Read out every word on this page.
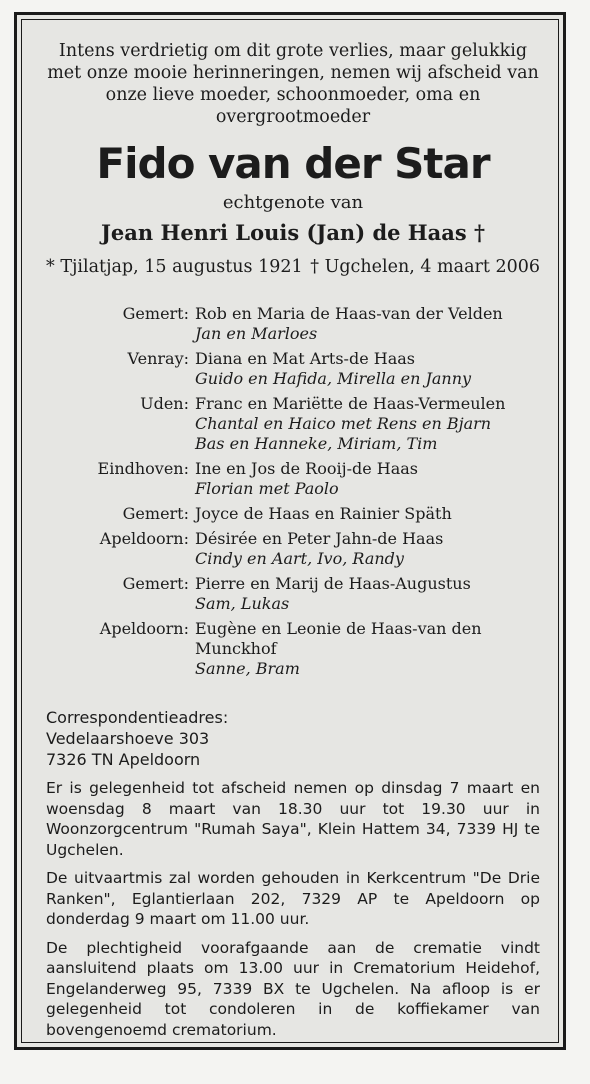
Intens verdrietig om dit grote verlies, maar gelukkig met onze mooie herinneringen, nemen wij afscheid van onze lieve moeder, schoonmoeder, oma en overgrootmoeder

Fido van der Star

echtgenote van

Jean Henri Louis (Jan) de Haas †

* Tjilatjap, 15 augustus 1921 † Ugchelen, 4 maart 2006
Gemert: Rob en Maria de Haas-van der Velden
Jan en Marloes
Venray: Diana en Mat Arts-de Haas
Guido en Hafida, Mirella en Janny
Uden: Franc en Mariëtte de Haas-Vermeulen
Chantal en Haico met Rens en Bjarn
Bas en Hanneke, Miriam, Tim
Eindhoven: Ine en Jos de Rooij-de Haas
Florian met Paolo
Gemert: Joyce de Haas en Rainier Späth
Apeldoorn: Désirée en Peter Jahn-de Haas
Cindy en Aart, Ivo, Randy
Gemert: Pierre en Marij de Haas-Augustus
Sam, Lukas
Apeldoorn: Eugène en Leonie de Haas-van den Munckhof
Sanne, Bram
Correspondentieadres:
Vedelaarshoeve 303
7326 TN Apeldoorn

Er is gelegenheid tot afscheid nemen op dinsdag 7 maart en woensdag 8 maart van 18.30 uur tot 19.30 uur in Woonzorgcentrum "Rumah Saya", Klein Hattem 34, 7339 HJ te Ugchelen.

De uitvaartmis zal worden gehouden in Kerkcentrum "De Drie Ranken", Eglantierlaan 202, 7329 AP te Apeldoorn op donderdag 9 maart om 11.00 uur.

De plechtigheid voorafgaande aan de crematie vindt aansluitend plaats om 13.00 uur in Crematorium Heidehof, Engelanderweg 95, 7339 BX te Ugchelen. Na afloop is er gelegenheid tot condoleren in de koffiekamer van bovengenoemd crematorium.
